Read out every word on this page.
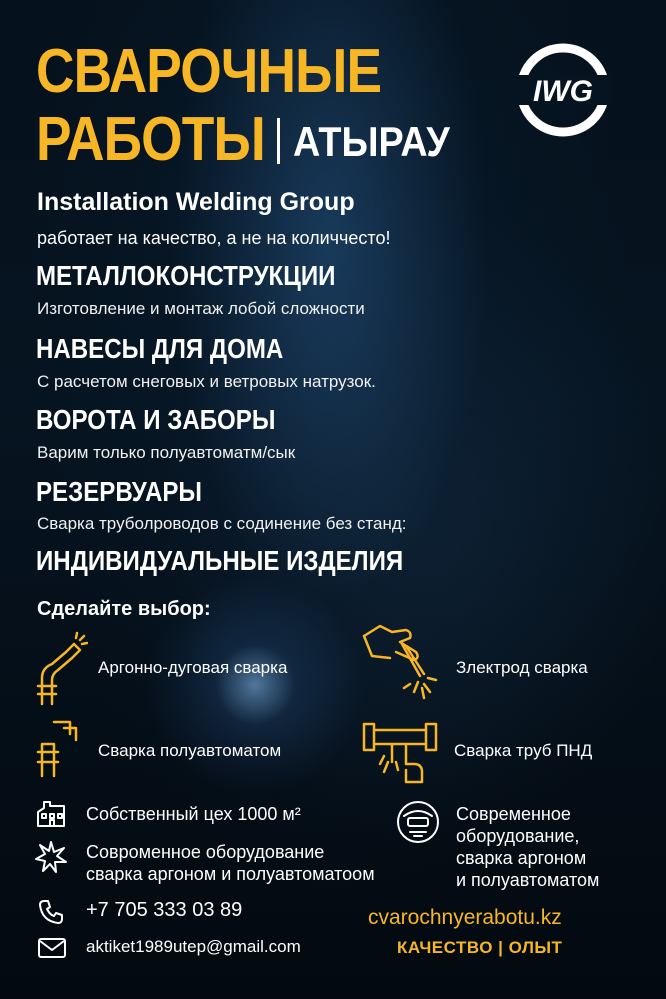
СВАРОЧНЫЕ
РАБОТЫ АТЫРАУ
IWG
Installation Welding Group
работает на качество, а не на количчесто!
МЕТАЛЛОКОНСТРУКЦИИ
Изготовление и монтаж лобой сложности
НАВЕСЫ ДЛЯ ДОМА
С расчетом снеговых и ветровых натрузок.
ВОРОТА И ЗАБОРЫ
Варим только полуавтоматм/сык
РЕЗЕРВУАРЫ
Сварка труболроводов с содинение без станд:
ИНДИВИДУАЛЬНЫЕ ИЗДЕЛИЯ
Сделайте выбор:
Аргонно-дуговая сварка	Злектрод сварка
Сварка полуавтоматом	Сварка труб ПНД
Собственный цех 1000 м²
Совроменное оборудование
сварка аргоном и полуавтоматоом
Современное
оборудование,
сварка аргоном
и полуавтоматом
+7 705 333 03 89
aktiket1989utep@gmail.com
cvarochnyerabotu.kz
КАЧЕСТВО | ОЛЫТ
